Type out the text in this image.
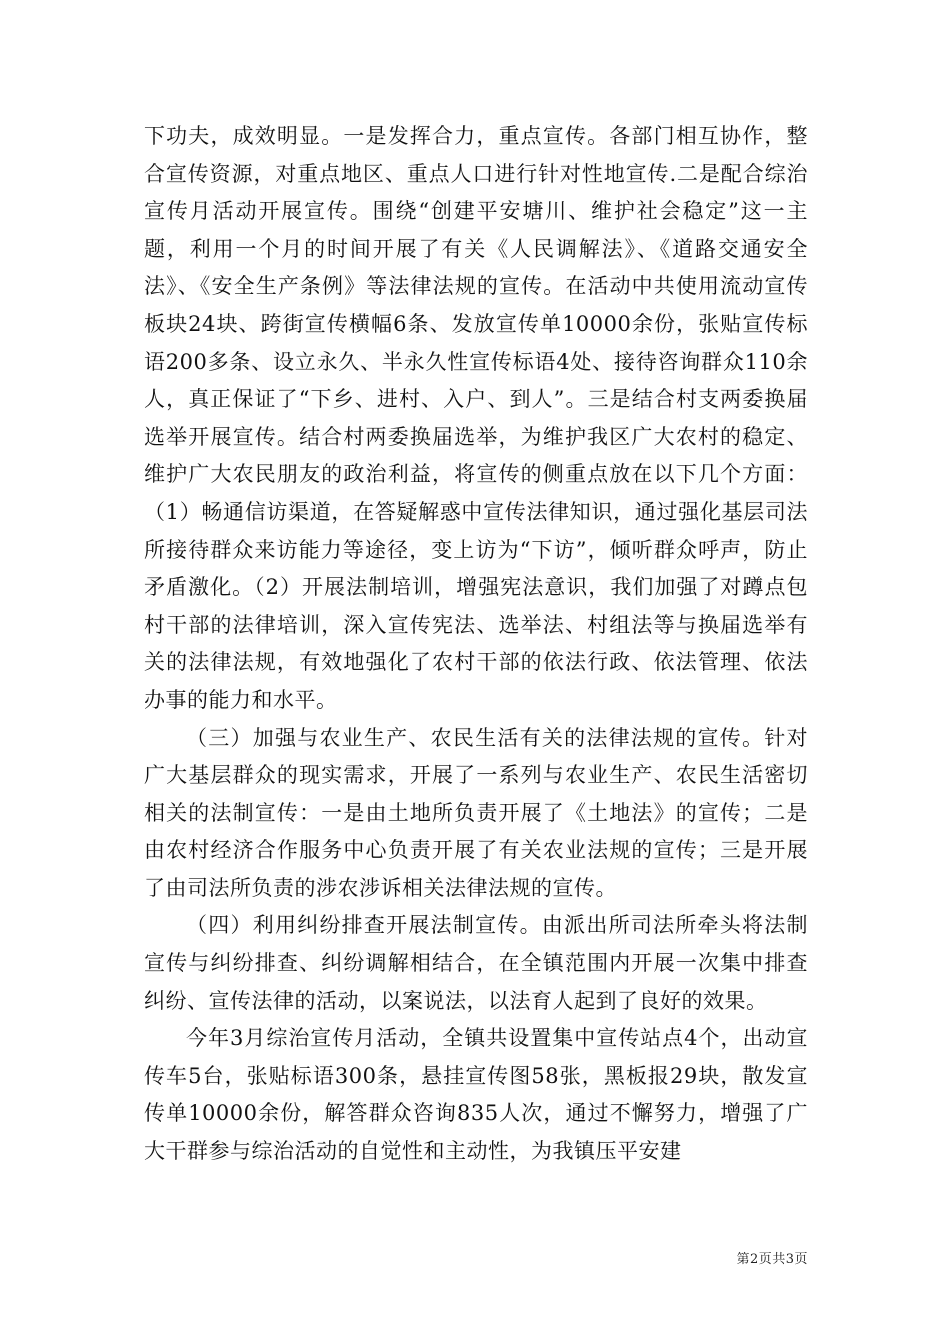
下功夫，成效明显。一是发挥合力，重点宣传。各部门相互协作，整合宣传资源，对重点地区、重点人口进行针对性地宣传.二是配合综治宣传月活动开展宣传。围绕“创建平安塘川、维护社会稳定”这一主题，利用一个月的时间开展了有关《人民调解法》、《道路交通安全法》、《安全生产条例》等法律法规的宣传。在活动中共使用流动宣传板块24块、跨街宣传横幅6条、发放宣传单10000余份，张贴宣传标语200多条、设立永久、半永久性宣传标语4处、接待咨询群众110余人，真正保证了“下乡、进村、入户、到人”。三是结合村支两委换届选举开展宣传。结合村两委换届选举，为维护我区广大农村的稳定、维护广大农民朋友的政治利益，将宣传的侧重点放在以下几个方面：（1）畅通信访渠道，在答疑解惑中宣传法律知识，通过强化基层司法所接待群众来访能力等途径，变上访为“下访”，倾听群众呼声，防止矛盾激化。（2）开展法制培训，增强宪法意识，我们加强了对蹲点包村干部的法律培训，深入宣传宪法、选举法、村组法等与换届选举有关的法律法规，有效地强化了农村干部的依法行政、依法管理、依法办事的能力和水平。

（三）加强与农业生产、农民生活有关的法律法规的宣传。针对广大基层群众的现实需求，开展了一系列与农业生产、农民生活密切相关的法制宣传：一是由土地所负责开展了《土地法》的宣传；二是由农村经济合作服务中心负责开展了有关农业法规的宣传；三是开展了由司法所负责的涉农涉诉相关法律法规的宣传。

（四）利用纠纷排查开展法制宣传。由派出所司法所牵头将法制宣传与纠纷排查、纠纷调解相结合，在全镇范围内开展一次集中排查纠纷、宣传法律的活动，以案说法，以法育人起到了良好的效果。

今年3月综治宣传月活动，全镇共设置集中宣传站点4个，出动宣传车5台，张贴标语300条，悬挂宣传图58张，黑板报29块，散发宣传单10000余份，解答群众咨询835人次，通过不懈努力，增强了广大干群参与综治活动的自觉性和主动性，为我镇压平安建

第2页共3页
